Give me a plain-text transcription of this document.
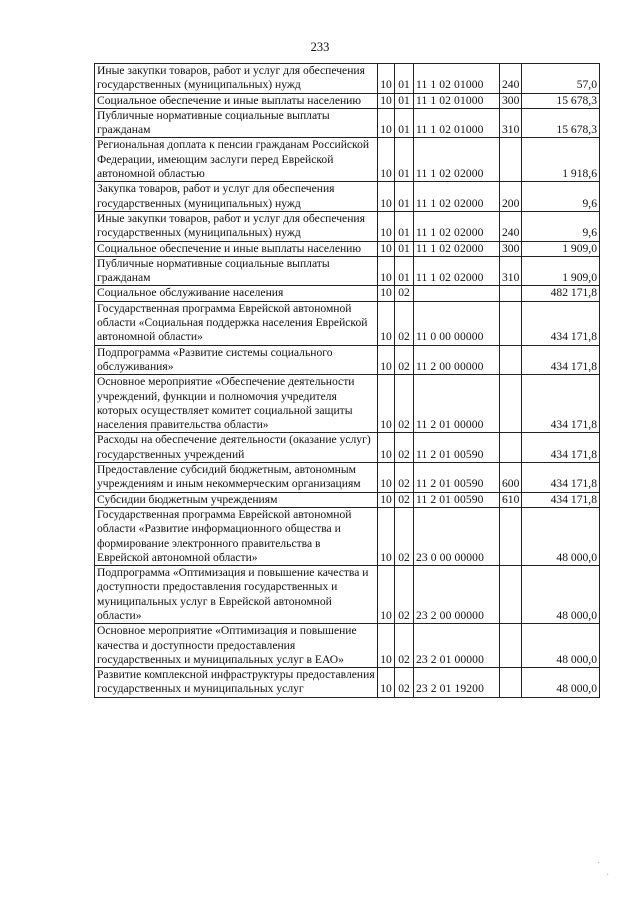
233
Иные закупки товаров, работ и услуг для обеспечения государственных (муниципальных) нужд	10	01	11 1 02 01000	240	57,0
Социальное обеспечение и иные выплаты населению	10	01	11 1 02 01000	300	15 678,3
Публичные нормативные социальные выплаты гражданам	10	01	11 1 02 01000	310	15 678,3
Региональная доплата к пенсии гражданам Российской Федерации, имеющим заслуги перед Еврейской автономной областью	10	01	11 1 02 02000		1 918,6
Закупка товаров, работ и услуг для обеспечения государственных (муниципальных) нужд	10	01	11 1 02 02000	200	9,6
Иные закупки товаров, работ и услуг для обеспечения государственных (муниципальных) нужд	10	01	11 1 02 02000	240	9,6
Социальное обеспечение и иные выплаты населению	10	01	11 1 02 02000	300	1 909,0
Публичные нормативные социальные выплаты гражданам	10	01	11 1 02 02000	310	1 909,0
Социальное обслуживание населения	10	02			482 171,8
Государственная программа Еврейской автономной области «Социальная поддержка населения Еврейской автономной области»	10	02	11 0 00 00000		434 171,8
Подпрограмма «Развитие системы социального обслуживания»	10	02	11 2 00 00000		434 171,8
Основное мероприятие «Обеспечение деятельности учреждений, функции и полномочия учредителя которых осуществляет комитет социальной защиты населения правительства области»	10	02	11 2 01 00000		434 171,8
Расходы на обеспечение деятельности (оказание услуг) государственных учреждений	10	02	11 2 01 00590		434 171,8
Предоставление субсидий бюджетным, автономным учреждениям и иным некоммерческим организациям	10	02	11 2 01 00590	600	434 171,8
Субсидии бюджетным учреждениям	10	02	11 2 01 00590	610	434 171,8
Государственная программа Еврейской автономной области «Развитие информационного общества и формирование электронного правительства в Еврейской автономной области»	10	02	23 0 00 00000		48 000,0
Подпрограмма «Оптимизация и повышение качества и доступности предоставления государственных и муниципальных услуг в Еврейской автономной области»	10	02	23 2 00 00000		48 000,0
Основное мероприятие «Оптимизация и повышение качества и доступности предоставления государственных и муниципальных услуг в ЕАО»	10	02	23 2 01 00000		48 000,0
Развитие комплексной инфраструктуры предоставления государственных и муниципальных услуг	10	02	23 2 01 19200		48 000,0
·
·
